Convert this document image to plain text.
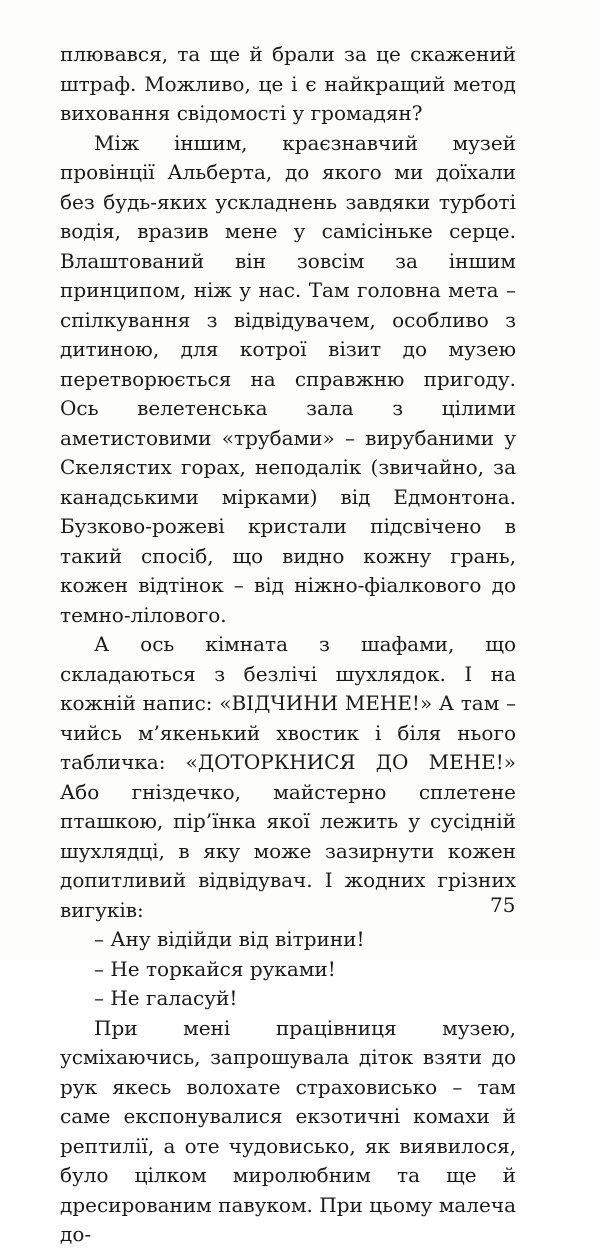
плювався, та ще й брали за це скажений штраф. Можливо, це і є найкращий метод виховання свідомості у громадян?

Між іншим, краєзнавчий музей провінції Альберта, до якого ми доїхали без будь-яких ускладнень завдяки турботі водія, вразив мене у самісіньке серце. Влаштований він зовсім за іншим принципом, ніж у нас. Там головна мета – спілкування з відвідувачем, особливо з дитиною, для котрої візит до музею перетворюється на справжню пригоду. Ось велетенська зала з цілими аметистовими «трубами» – вирубаними у Скелястих горах, неподалік (звичайно, за канадськими мірками) від Едмонтона. Бузково-рожеві кристали підсвічено в такий спосіб, що видно кожну грань, кожен відтінок – від ніжно-фіалкового до темно-лілового.

А ось кімната з шафами, що складаються з безлічі шухлядок. І на кожній напис: «ВІДЧИНИ МЕНЕ!» А там – чийсь м’якенький хвостик і біля нього табличка: «ДОТОРКНИСЯ ДО МЕНЕ!» Або гніздечко, майстерно сплетене пташкою, пір’їнка якої лежить у сусідній шухлядці, в яку може зазирнути кожен допитливий відвідувач. І жодних грізних вигуків:

– Ану відійди від вітрини!

– Не торкайся руками!

– Не галасуй!

При мені працівниця музею, усміхаючись, запрошувала діток взяти до рук якесь волохате страховисько – там саме експонувалися екзотичні комахи й рептилії, а оте чудовисько, як виявилося, було цілком миролюбним та ще й дресированим павуком. При цьому малеча до-

75
